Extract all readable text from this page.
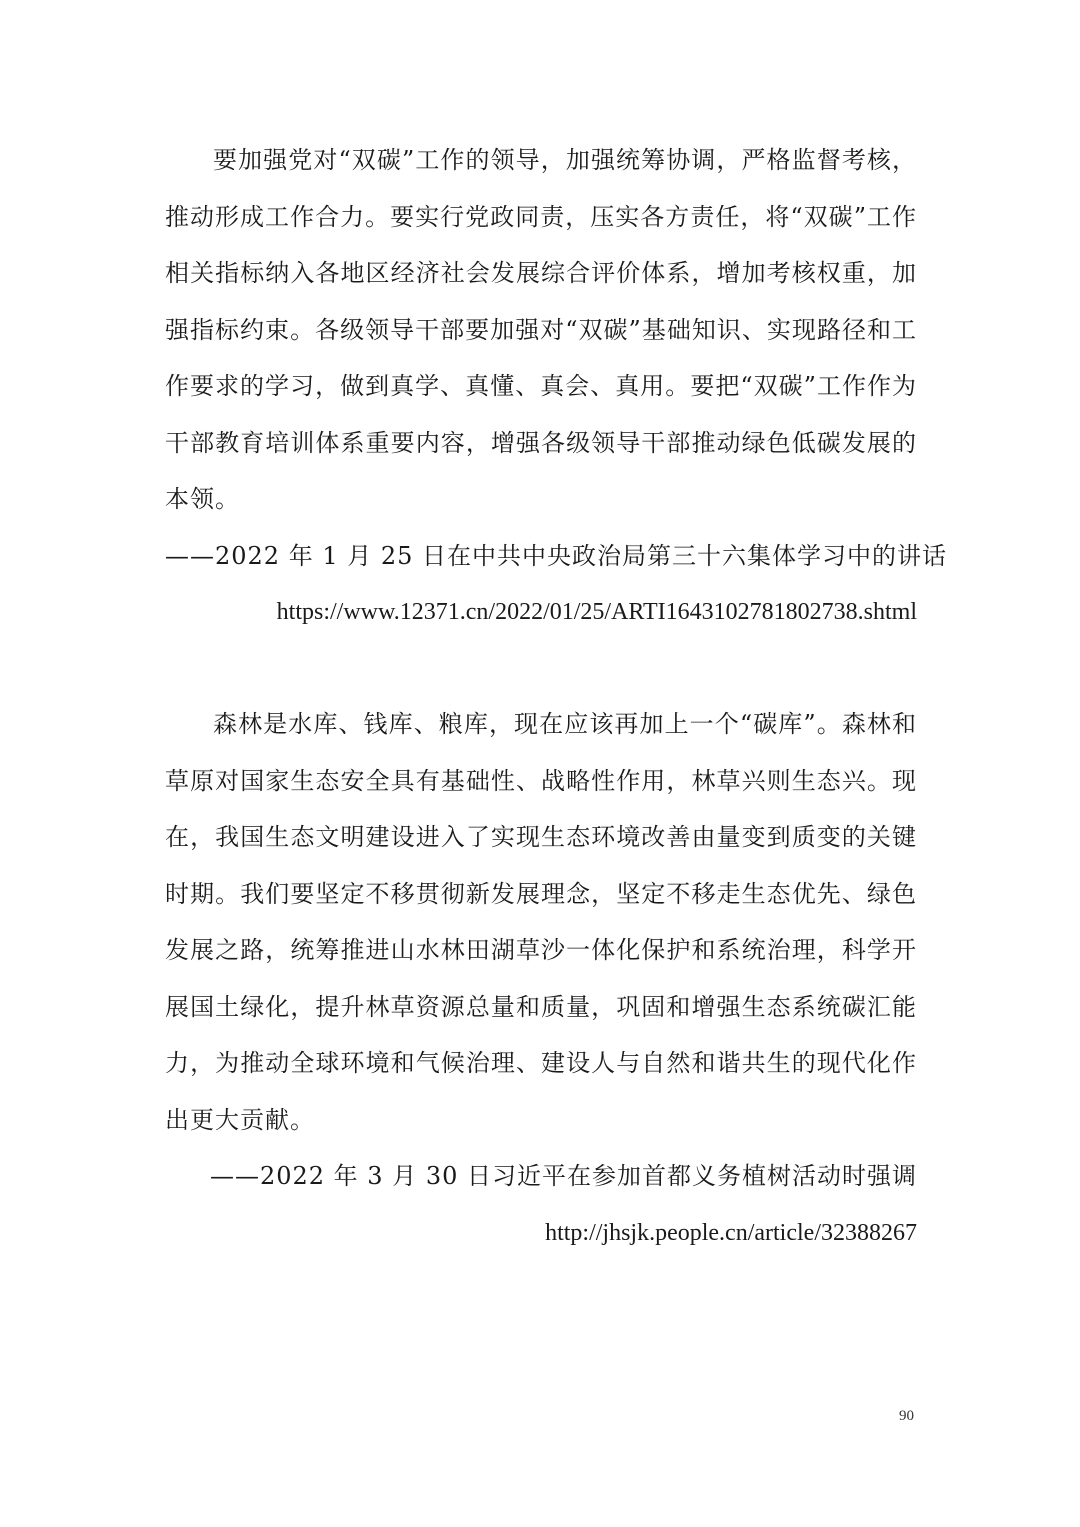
要加强党对“双碳”工作的领导，加强统筹协调，严格监督考核，推动形成工作合力。要实行党政同责，压实各方责任，将“双碳”工作相关指标纳入各地区经济社会发展综合评价体系，增加考核权重，加强指标约束。各级领导干部要加强对“双碳”基础知识、实现路径和工作要求的学习，做到真学、真懂、真会、真用。要把“双碳”工作作为干部教育培训体系重要内容，增强各级领导干部推动绿色低碳发展的本领。

——2022 年 1 月 25 日在中共中央政治局第三十六集体学习中的讲话

https://www.12371.cn/2022/01/25/ARTI1643102781802738.shtml

森林是水库、钱库、粮库，现在应该再加上一个“碳库”。森林和草原对国家生态安全具有基础性、战略性作用，林草兴则生态兴。现在，我国生态文明建设进入了实现生态环境改善由量变到质变的关键时期。我们要坚定不移贯彻新发展理念，坚定不移走生态优先、绿色发展之路，统筹推进山水林田湖草沙一体化保护和系统治理，科学开展国土绿化，提升林草资源总量和质量，巩固和增强生态系统碳汇能力，为推动全球环境和气候治理、建设人与自然和谐共生的现代化作出更大贡献。

——2022 年 3 月 30 日习近平在参加首都义务植树活动时强调

http://jhsjk.people.cn/article/32388267

90
